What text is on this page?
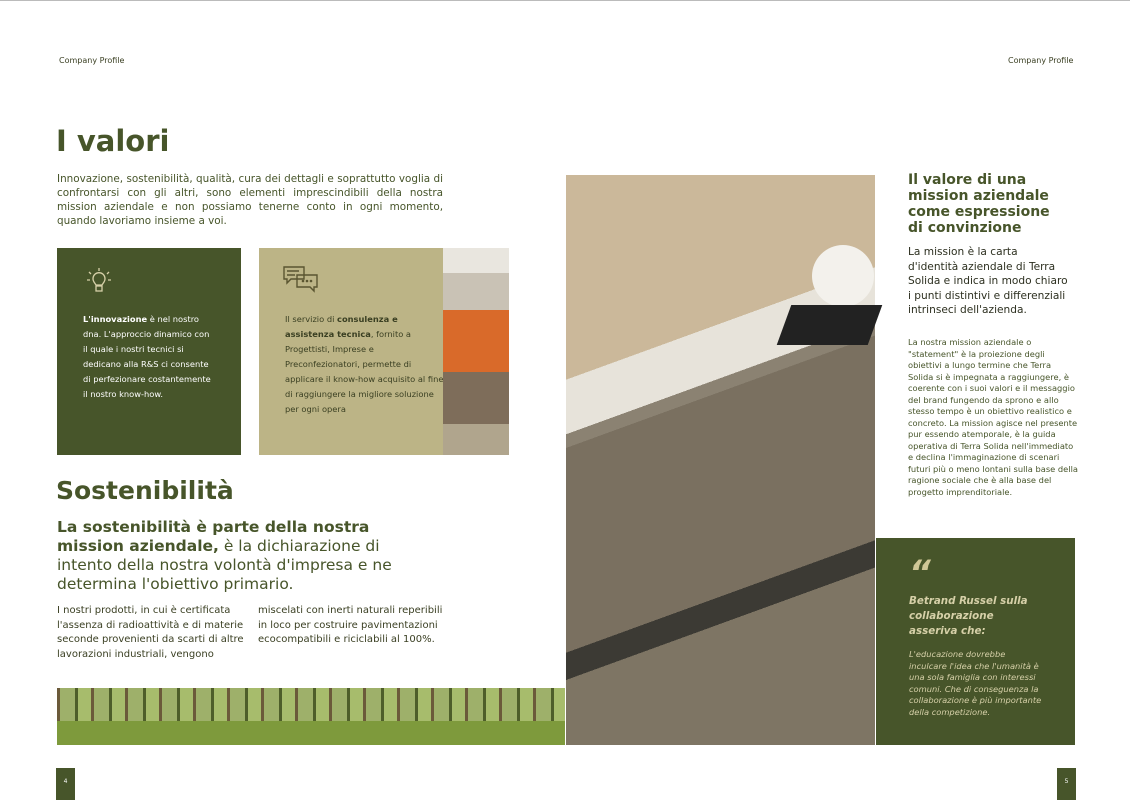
Company Profile	Company Profile
I valori

Innovazione, sostenibilità, qualità, cura dei dettagli e soprattutto voglia di confrontarsi con gli altri, sono elementi imprescindibili della nostra mission aziendale e non possiamo tenerne conto in ogni momento, quando lavoriamo insieme a voi.

L'innovazione è nel nostro dna. L'approccio dinamico con il quale i nostri tecnici si dedicano alla R&S ci consente di perfezionare costantemente il nostro know-how.

Il servizio di consulenza e assistenza tecnica, fornito a Progettisti, Imprese e Preconfezionatori, permette di applicare il know-how acquisito al fine di raggiungere la migliore soluzione per ogni opera

Sostenibilità

La sostenibilità è parte della nostra mission aziendale, è la dichiarazione di intento della nostra volontà d'impresa e ne determina l'obiettivo primario.

I nostri prodotti, in cui è certificata l'assenza di radioattività e di materie seconde provenienti da scarti di altre lavorazioni industriali, vengono

miscelati con inerti naturali reperibili in loco per costruire pavimentazioni ecocompatibili e riciclabili al 100%.

Il valore di una mission aziendale come espressione di convinzione

La mission è la carta d'identità aziendale di Terra Solida e indica in modo chiaro i punti distintivi e differenziali intrinseci dell'azienda.

La nostra mission aziendale o "statement" è la proiezione degli obiettivi a lungo termine che Terra Solida si è impegnata a raggiungere, è coerente con i suoi valori e il messaggio del brand fungendo da sprono e allo stesso tempo è un obiettivo realistico e concreto. La mission agisce nel presente pur essendo atemporale, è la guida operativa di Terra Solida nell'immediato e declina l'immaginazione di scenari futuri più o meno lontani sulla base della ragione sociale che è alla base del progetto imprenditoriale.

“
Betrand Russel sulla collaborazione asseriva che:
L'educazione dovrebbe inculcare l'idea che l'umanità è una sola famiglia con interessi comuni. Che di conseguenza la collaborazione è più importante della competizione.
4	5
